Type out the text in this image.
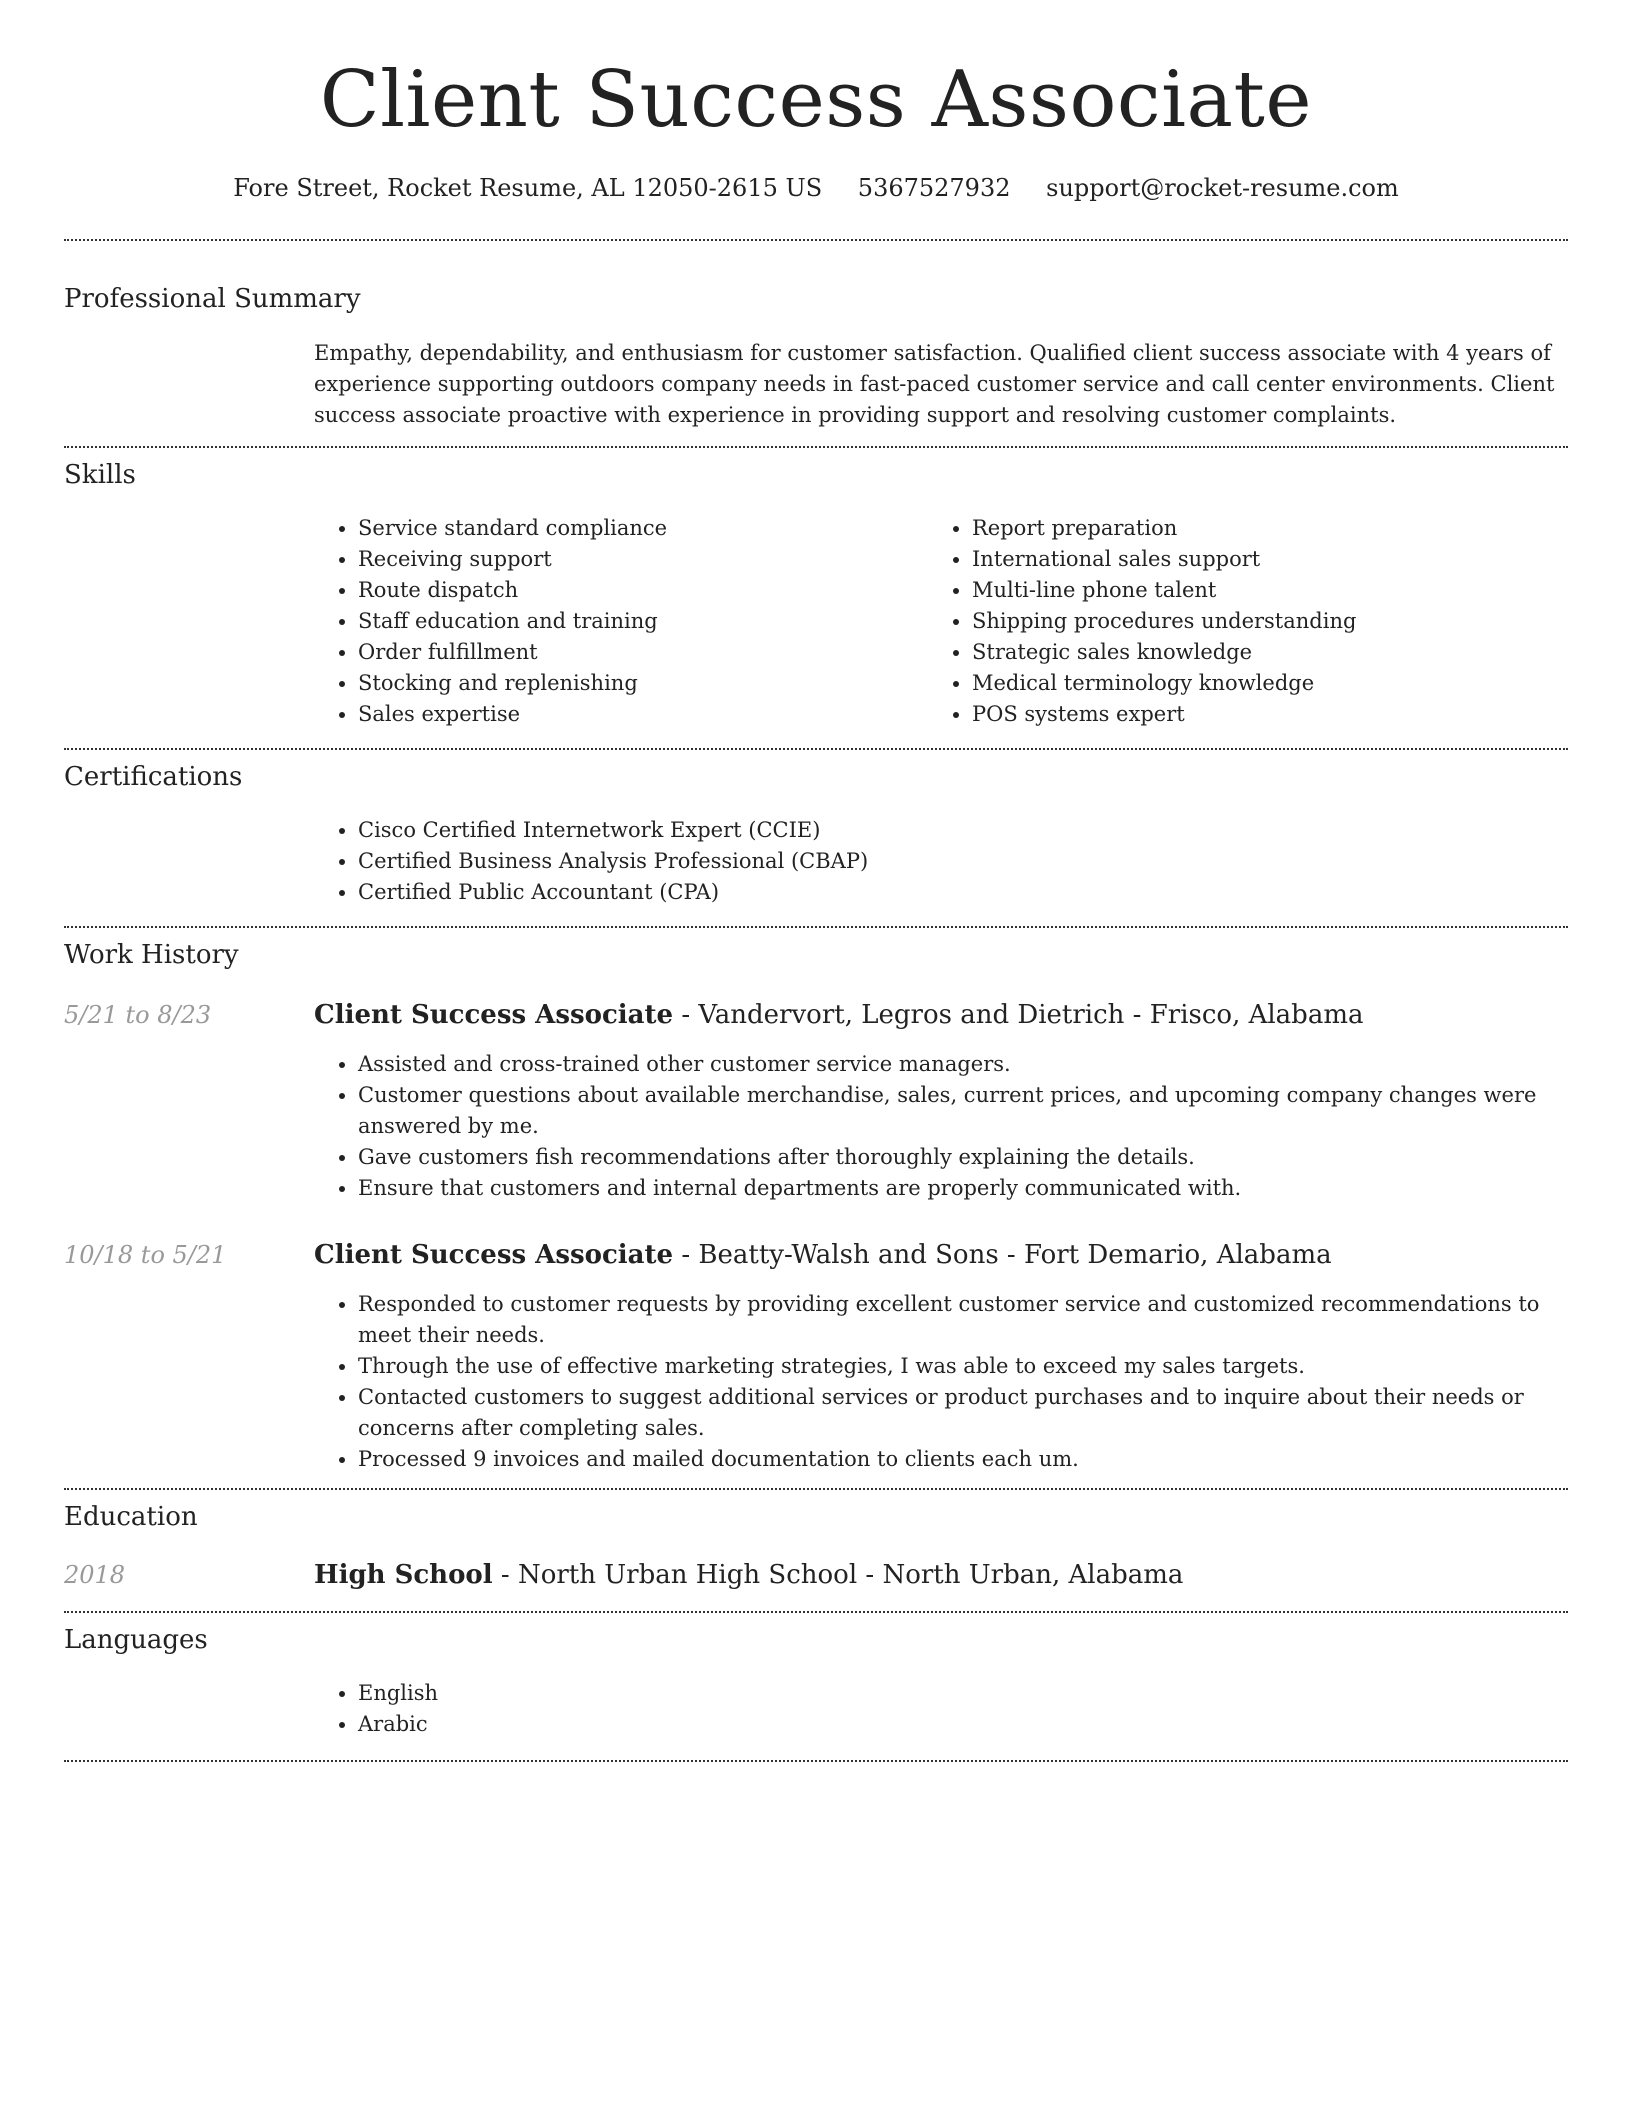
Client Success Associate
Fore Street, Rocket Resume, AL 12050-2615 US 5367527932 support@rocket-resume.com
Professional Summary

Empathy, dependability, and enthusiasm for customer satisfaction. Qualified client success associate with 4 years of experience supporting outdoors company needs in fast-paced customer service and call center environments. Client success associate proactive with experience in providing support and resolving customer complaints.

Skills
• Service standard compliance
• Receiving support
• Route dispatch
• Staff education and training
• Order fulfillment
• Stocking and replenishing
• Sales expertise
• Report preparation
• International sales support
• Multi-line phone talent
• Shipping procedures understanding
• Strategic sales knowledge
• Medical terminology knowledge
• POS systems expert
Certifications
• Cisco Certified Internetwork Expert (CCIE)
• Certified Business Analysis Professional (CBAP)
• Certified Public Accountant (CPA)
Work History
5/21 to 8/23	Client Success Associate - Vandervort, Legros and Dietrich - Frisco, Alabama
• Assisted and cross-trained other customer service managers.
• Customer questions about available merchandise, sales, current prices, and upcoming company changes were answered by me.
• Gave customers fish recommendations after thoroughly explaining the details.
• Ensure that customers and internal departments are properly communicated with.
10/18 to 5/21	Client Success Associate - Beatty-Walsh and Sons - Fort Demario, Alabama
• Responded to customer requests by providing excellent customer service and customized recommendations to meet their needs.
• Through the use of effective marketing strategies, I was able to exceed my sales targets.
• Contacted customers to suggest additional services or product purchases and to inquire about their needs or concerns after completing sales.
• Processed 9 invoices and mailed documentation to clients each um.
Education
2018	High School - North Urban High School - North Urban, Alabama
Languages
• English
• Arabic
